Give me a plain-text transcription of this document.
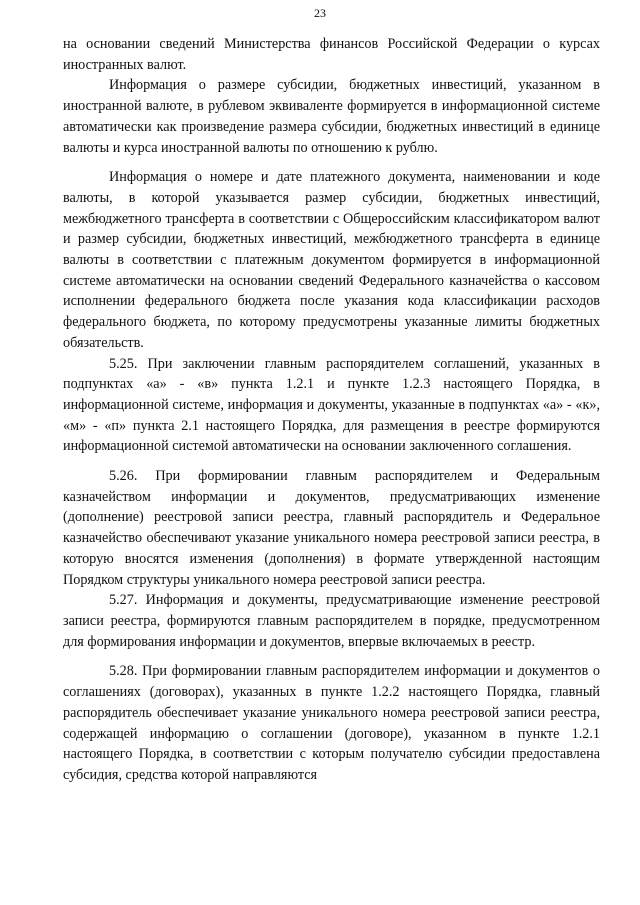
23

на основании сведений Министерства финансов Российской Федерации о курсах иностранных валют.

Информация о размере субсидии, бюджетных инвестиций, указанном в иностранной валюте, в рублевом эквиваленте формируется в информационной системе автоматически как произведение размера субсидии, бюджетных инвестиций в единице валюты и курса иностранной валюты по отношению к рублю.

Информация о номере и дате платежного документа, наименовании и коде валюты, в которой указывается размер субсидии, бюджетных инвестиций, межбюджетного трансферта в соответствии с Общероссийским классификатором валют и размер субсидии, бюджетных инвестиций, межбюджетного трансферта в единице валюты в соответствии с платежным документом формируется в информационной системе автоматически на основании сведений Федерального казначейства о кассовом исполнении федерального бюджета после указания кода классификации расходов федерального бюджета, по которому предусмотрены указанные лимиты бюджетных обязательств.

5.25. При заключении главным распорядителем соглашений, указанных в подпунктах «а» - «в» пункта 1.2.1 и пункте 1.2.3 настоящего Порядка, в информационной системе, информация и документы, указанные в подпунктах «а» - «к», «м» - «п» пункта 2.1 настоящего Порядка, для размещения в реестре формируются информационной системой автоматически на основании заключенного соглашения.

5.26. При формировании главным распорядителем и Федеральным казначейством информации и документов, предусматривающих изменение (дополнение) реестровой записи реестра, главный распорядитель и Федеральное казначейство обеспечивают указание уникального номера реестровой записи реестра, в которую вносятся изменения (дополнения) в формате утвержденной настоящим Порядком структуры уникального номера реестровой записи реестра.

5.27. Информация и документы, предусматривающие изменение реестровой записи реестра, формируются главным распорядителем в порядке, предусмотренном для формирования информации и документов, впервые включаемых в реестр.

5.28. При формировании главным распорядителем информации и документов о соглашениях (договорах), указанных в пункте 1.2.2 настоящего Порядка, главный распорядитель обеспечивает указание уникального номера реестровой записи реестра, содержащей информацию о соглашении (договоре), указанном в пункте 1.2.1 настоящего Порядка, в соответствии с которым получателю субсидии предоставлена субсидия, средства которой направляются
